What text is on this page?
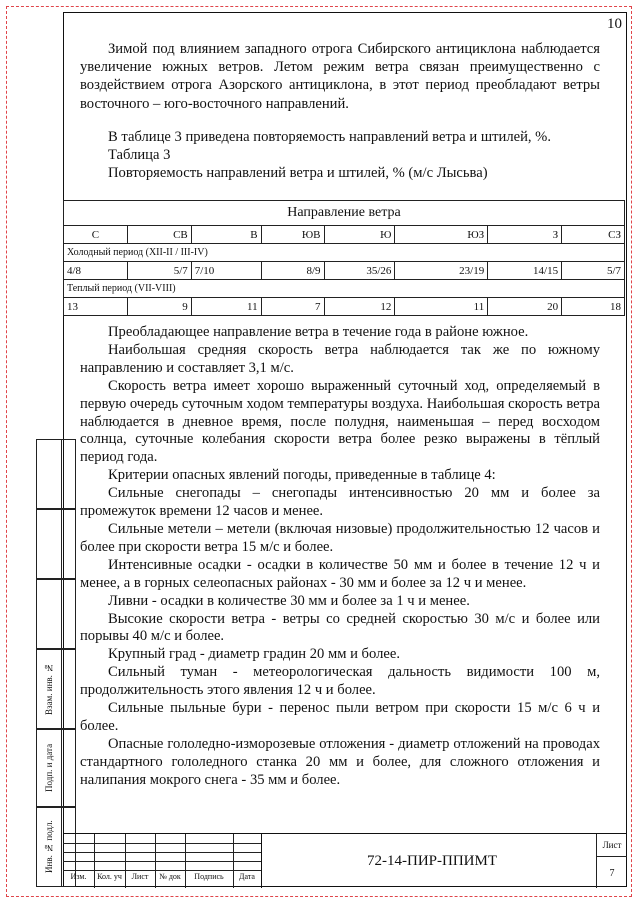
10

Зимой под влиянием западного отрога Сибирского антициклона наблюдается увеличение южных ветров. Летом режим ветра связан преимущественно с воздействием отрога Азорского антициклона, в этот период преобладают ветры восточного – юго-восточного направлений.

В таблице 3 приведена повторяемость направлений ветра и штилей, %.

Таблица 3

Повторяемость направлений ветра и штилей, % (м/с Лысьва)

Направление ветра							
С	СВ	В	ЮВ	Ю	ЮЗ	З	СЗ
Холодный период (XII-II / III-IV)							
4/8	5/7	7/10	8/9	35/26	23/19	14/15	5/7
Теплый период (VII-VIII)							
13	9	11	7	12	11	20	18

Преобладающее направление ветра в течение года в районе южное.

Наибольшая средняя скорость ветра наблюдается так же по южному направлению и составляет 3,1 м/с.

Скорость ветра имеет хорошо выраженный суточный ход, определяемый в первую очередь суточным ходом температуры воздуха. Наибольшая скорость ветра наблюдается в дневное время, после полудня, наименьшая – перед восходом солнца, суточные колебания скорости ветра более резко выражены в тёплый период года.

Критерии опасных явлений погоды, приведенные в таблице 4:

Сильные снегопады – снегопады интенсивностью 20 мм и более за промежуток времени 12 часов и менее.

Сильные метели – метели (включая низовые) продолжительностью 12 часов и более при скорости ветра 15 м/с и более.

Интенсивные осадки - осадки в количестве 50 мм и более в течение 12 ч и менее, а в горных селеопасных районах - 30 мм и более за 12 ч и менее.

Ливни - осадки в количестве 30 мм и более за 1 ч и менее.

Высокие скорости ветра - ветры со средней скоростью 30 м/с и более или порывы 40 м/с и более.

Крупный град - диаметр градин 20 мм и более.

Сильный туман - метеорологическая дальность видимости 100 м, продолжительность этого явления 12 ч и более.

Сильные пыльные бури - перенос пыли ветром при скорости 15 м/с 6 ч и более.

Опасные гололедно-изморозевые отложения - диаметр отложений на проводах стандартного гололедного станка 20 мм и более, для сложного отложения и налипания мокрого снега - 35 мм и более.

Взам. инв. №
Подп. и дата
Инв. № подл.
Изм.	Кол. уч	Лист	№ док	Подпись	Дата
72-14-ПИР-ППИМТ
Лист
7
